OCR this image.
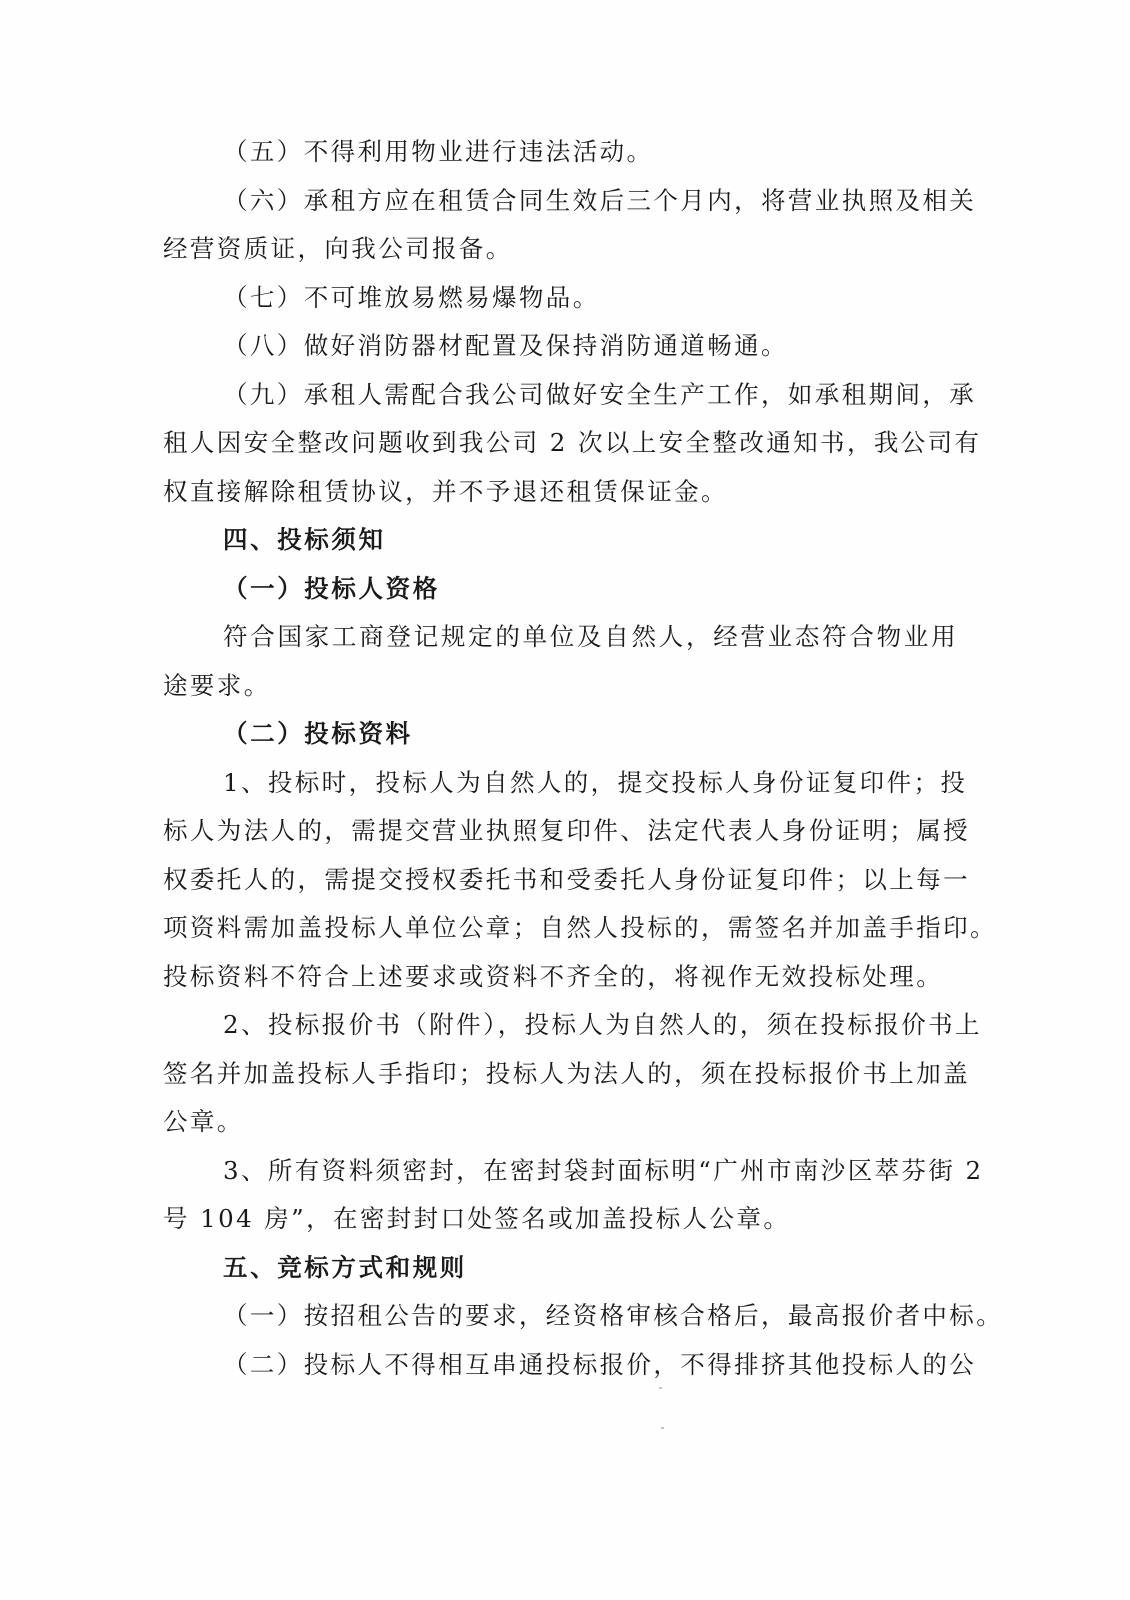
（五）不得利用物业进行违法活动。
（六）承租方应在租赁合同生效后三个月内，将营业执照及相关
经营资质证，向我公司报备。
（七）不可堆放易燃易爆物品。
（八）做好消防器材配置及保持消防通道畅通。
（九）承租人需配合我公司做好安全生产工作，如承租期间，承
租人因安全整改问题收到我公司 2 次以上安全整改通知书，我公司有
权直接解除租赁协议，并不予退还租赁保证金。
四、投标须知
（一）投标人资格
符合国家工商登记规定的单位及自然人，经营业态符合物业用
途要求。
（二）投标资料
1、投标时，投标人为自然人的，提交投标人身份证复印件；投
标人为法人的，需提交营业执照复印件、法定代表人身份证明；属授
权委托人的，需提交授权委托书和受委托人身份证复印件；以上每一
项资料需加盖投标人单位公章；自然人投标的，需签名并加盖手指印。
投标资料不符合上述要求或资料不齐全的，将视作无效投标处理。
2、投标报价书（附件），投标人为自然人的，须在投标报价书上
签名并加盖投标人手指印；投标人为法人的，须在投标报价书上加盖
公章。
3、所有资料须密封，在密封袋封面标明“广州市南沙区萃芬街 2
号 104 房”，在密封封口处签名或加盖投标人公章。
五、竞标方式和规则
（一）按招租公告的要求，经资格审核合格后，最高报价者中标。
（二）投标人不得相互串通投标报价，不得排挤其他投标人的公
